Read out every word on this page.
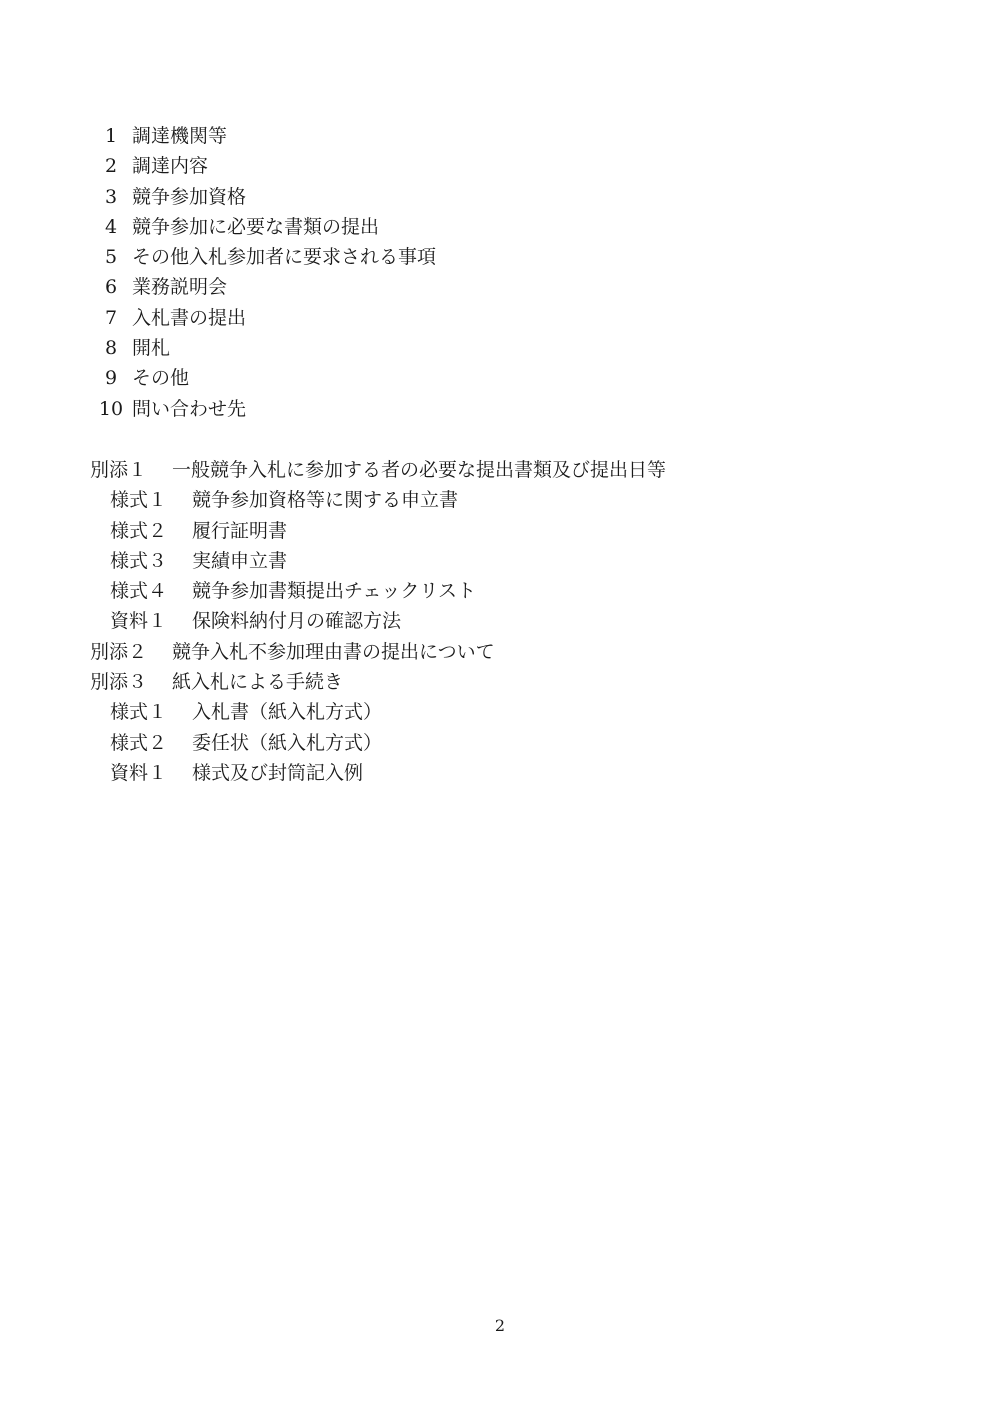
1 調達機関等
2 調達内容
3 競争参加資格
4 競争参加に必要な書類の提出
5 その他入札参加者に要求される事項
6 業務説明会
7 入札書の提出
8 開札
9 その他
10 問い合わせ先
別添１	一般競争入札に参加する者の必要な提出書類及び提出日等
様式１	競争参加資格等に関する申立書
様式２	履行証明書
様式３	実績申立書
様式４	競争参加書類提出チェックリスト
資料１	保険料納付月の確認方法
別添２	競争入札不参加理由書の提出について
別添３	紙入札による手続き
様式１	入札書（紙入札方式）
様式２	委任状（紙入札方式）
資料１	様式及び封筒記入例
2
